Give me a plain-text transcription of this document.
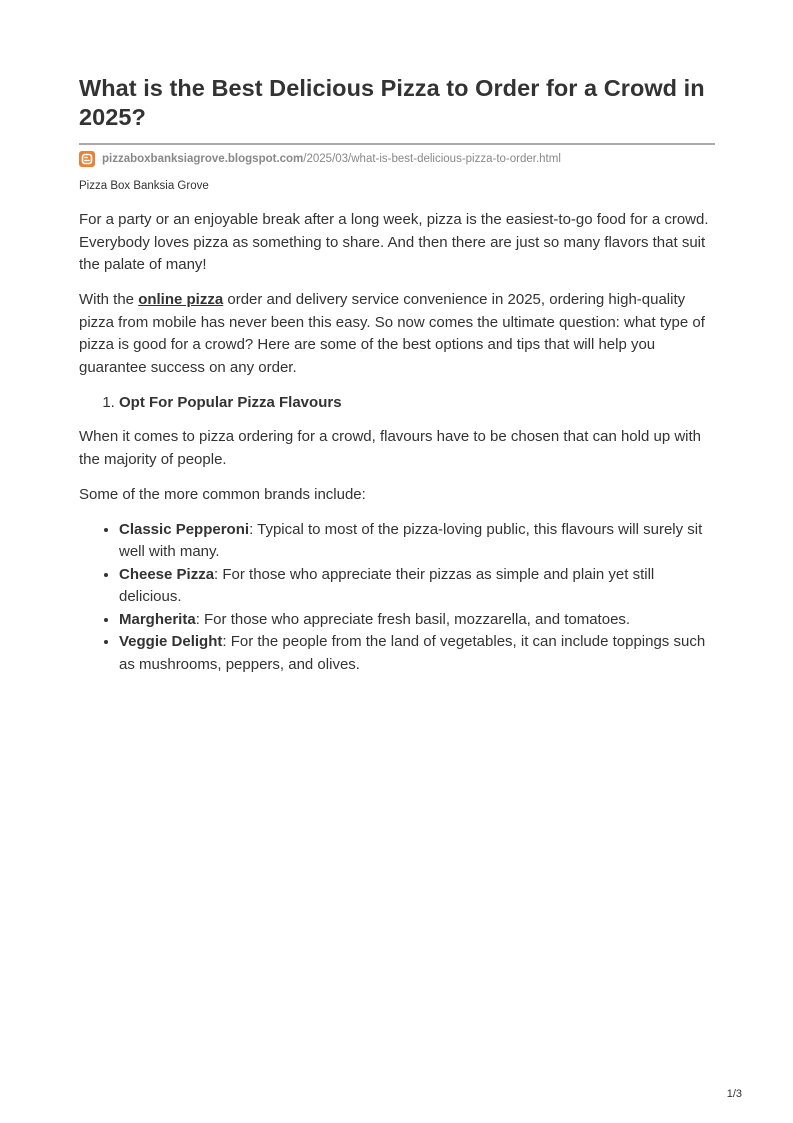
What is the Best Delicious Pizza to Order for a Crowd in 2025?
pizzaboxbanksiagrove.blogspot.com/2025/03/what-is-best-delicious-pizza-to-order.html
Pizza Box Banksia Grove

For a party or an enjoyable break after a long week, pizza is the easiest-to-go food for a crowd. Everybody loves pizza as something to share. And then there are just so many flavors that suit the palate of many!

With the online pizza order and delivery service convenience in 2025, ordering high-quality pizza from mobile has never been this easy. So now comes the ultimate question: what type of pizza is good for a crowd? Here are some of the best options and tips that will help you guarantee success on any order.

1. Opt For Popular Pizza Flavours

When it comes to pizza ordering for a crowd, flavours have to be chosen that can hold up with the majority of people.

Some of the more common brands include:

• Classic Pepperoni: Typical to most of the pizza-loving public, this flavours will surely sit well with many.
• Cheese Pizza: For those who appreciate their pizzas as simple and plain yet still delicious.
• Margherita: For those who appreciate fresh basil, mozzarella, and tomatoes.
• Veggie Delight: For the people from the land of vegetables, it can include toppings such as mushrooms, peppers, and olives.
1/3
